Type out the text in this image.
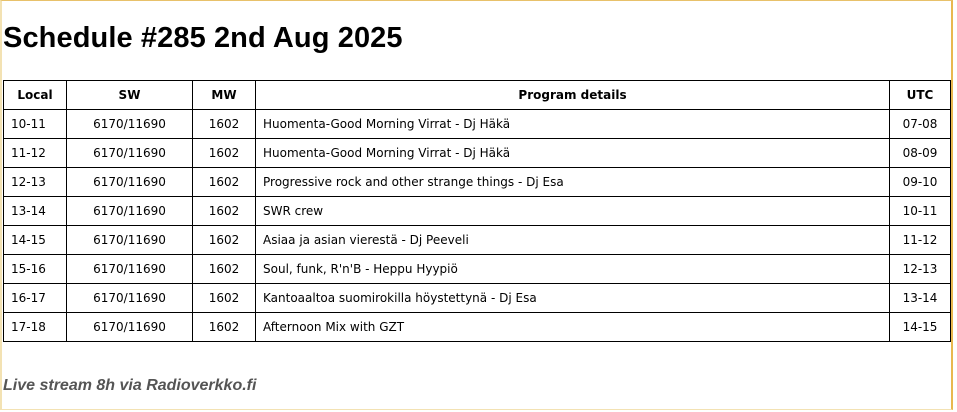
Schedule #285 2nd Aug 2025
Local	SW	MW	Program details	UTC
10-11	6170/11690	1602	Huomenta-Good Morning Virrat - Dj Häkä	07-08
11-12	6170/11690	1602	Huomenta-Good Morning Virrat - Dj Häkä	08-09
12-13	6170/11690	1602	Progressive rock and other strange things - Dj Esa	09-10
13-14	6170/11690	1602	SWR crew	10-11
14-15	6170/11690	1602	Asiaa ja asian vierestä - Dj Peeveli	11-12
15-16	6170/11690	1602	Soul, funk, R'n'B - Heppu Hyypiö	12-13
16-17	6170/11690	1602	Kantoaaltoa suomirokilla höystettynä - Dj Esa	13-14
17-18	6170/11690	1602	Afternoon Mix with GZT	14-15
Live stream 8h via Radioverkko.fi
